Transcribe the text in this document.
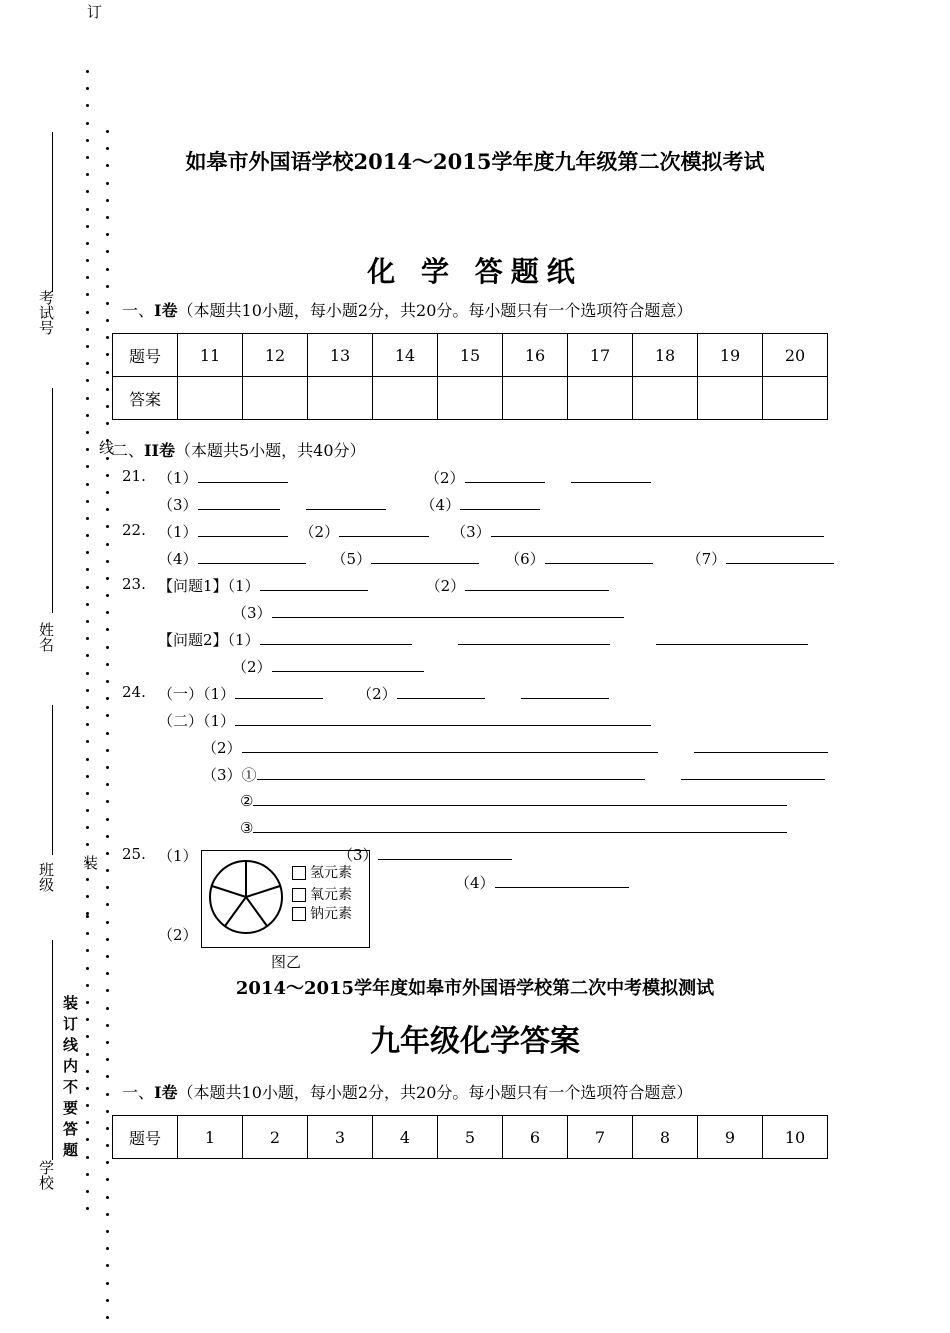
订
考试号
姓名
班级
学校
装
线
装订线内不要答题
如皋市外国语学校2014～2015学年度九年级第二次模拟考试
化 学 答题纸
一、Ⅰ卷（本题共10小题，每小题2分，共20分。每小题只有一个选项符合题意）
题号	11	12	13	14	15	16	17	18	19	20
答案										
二、II卷（本题共5小题，共40分）
21. （1）	（2）
（3）	（4）
22. （1）	（2）	（3）
（4）	（5）	（6）	（7）
23. 【问题1】（1）	（2）
（3）
【问题2】（1）
（2）
24. （一）（1）	（2）
（二）（1）
（2）
（3）①
②
③
25. （1）	（3）
（4）
（2）
氢元素
氧元素
钠元素
图乙
2014～2015学年度如皋市外国语学校第二次中考模拟测试
九年级化学答案
一、Ⅰ卷（本题共10小题，每小题2分，共20分。每小题只有一个选项符合题意）
题号	1	2	3	4	5	6	7	8	9	10
